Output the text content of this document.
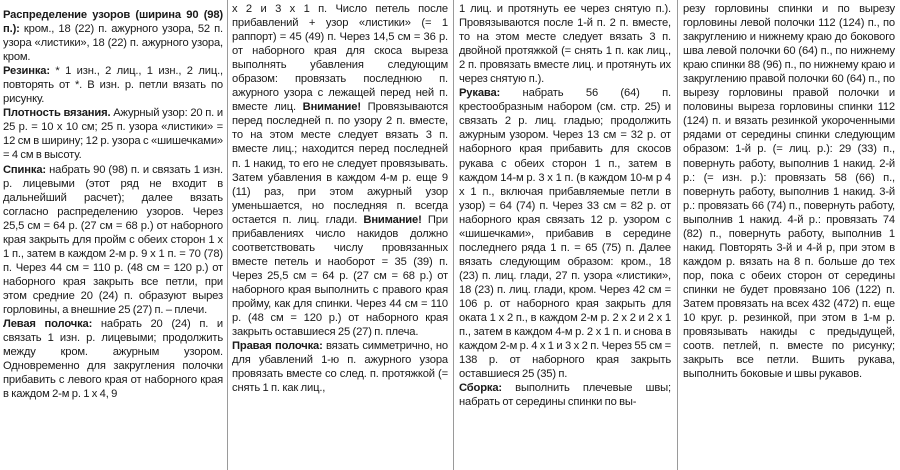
Распределение узоров (ширина 90 (98) п.): кром., 18 (22) п. ажурного узора, 52 п. узора «листики», 18 (22) п. ажурного узора, кром.

Резинка: * 1 изн., 2 лиц., 1 изн., 2 лиц., повторять от *. В изн. р. петли вязать по рисунку.

Плотность вязания. Ажурный узор: 20 п. и 25 р. = 10 х 10 см; 25 п. узора «листики» = 12 см в ширину; 12 р. узора с «шишечками» = 4 см в высоту.

Спинка: набрать 90 (98) п. и связать 1 изн. р. лицевыми (этот ряд не входит в дальнейший расчет); далее вязать согласно распределению узоров. Через 25,5 см = 64 р. (27 см = 68 р.) от наборного края закрыть для пройм с обеих сторон 1 х 1 п., затем в каждом 2-м р. 9 х 1 п. = 70 (78) п. Через 44 см = 110 р. (48 см = 120 р.) от наборного края закрыть все петли, при этом средние 20 (24) п. образуют вырез горловины, а внешние 25 (27) п. – плечи.

Левая полочка: набрать 20 (24) п. и связать 1 изн. р. лицевыми; продолжить между кром. ажурным узором. Одновременно для закругления полочки прибавить с левого края от наборного края в каждом 2-м р. 1 х 4, 9

х 2 и 3 х 1 п. Число петель после прибавлений + узор «листики» (= 1 раппорт) = 45 (49) п. Через 14,5 см = 36 р. от наборного края для скоса выреза выполнять убавления следующим образом: провязать последнюю п. ажурного узора с лежащей перед ней п. вместе лиц. Внимание! Провязываются перед последней п. по узору 2 п. вместе, то на этом месте следует вязать 3 п. вместе лиц.; находится перед последней п. 1 накид, то его не следует провязывать. Затем убавления в каждом 4-м р. еще 9 (11) раз, при этом ажурный узор уменьшается, но последняя п. всегда остается п. лиц. глади. Внимание! При прибавлениях число накидов должно соответствовать числу провязанных вместе петель и наоборот = 35 (39) п. Через 25,5 см = 64 р. (27 см = 68 р.) от наборного края выполнить с правого края пройму, как для спинки. Через 44 см = 110 р. (48 см = 120 р.) от наборного края закрыть оставшиеся 25 (27) п. плеча.

Правая полочка: вязать симметрично, но для убавлений 1-ю п. ажурного узора провязать вместе со след. п. протяжкой (= снять 1 п. как лиц.,

1 лиц. и протянуть ее через снятую п.). Провязываются после 1-й п. 2 п. вместе, то на этом месте следует вязать 3 п. двойной протяжкой (= снять 1 п. как лиц., 2 п. провязать вместе лиц. и протянуть их через снятую п.).

Рукава: набрать 56 (64) п. крестообразным набором (см. стр. 25) и связать 2 р. лиц. гладью; продолжить ажурным узором. Через 13 см = 32 р. от наборного края прибавить для скосов рукава с обеих сторон 1 п., затем в каждом 14-м р. 3 х 1 п. (в каждом 10-м р 4 х 1 п., включая прибавляемые петли в узор) = 64 (74) п. Через 33 см = 82 р. от наборного края связать 12 р. узором с «шишечками», прибавив в середине последнего ряда 1 п. = 65 (75) п. Далее вязать следующим образом: кром., 18 (23) п. лиц. глади, 27 п. узора «листики», 18 (23) п. лиц. глади, кром. Через 42 см = 106 р. от наборного края закрыть для оката 1 х 2 п., в каждом 2-м р. 2 х 2 и 2 х 1 п., затем в каждом 4-м р. 2 х 1 п. и снова в каждом 2-м р. 4 х 1 и 3 х 2 п. Через 55 см = 138 р. от наборного края закрыть оставшиеся 25 (35) п.

Сборка: выполнить плечевые швы; набрать от середины спинки по вы-

резу горловины спинки и по вырезу горловины левой полочки 112 (124) п., по закруглению и нижнему краю до бокового шва левой полочки 60 (64) п., по нижнему краю спинки 88 (96) п., по нижнему краю и закруглению правой полочки 60 (64) п., по вырезу горловины правой полочки и половины выреза горловины спинки 112 (124) п. и вязать резинкой укороченными рядами от середины спинки следующим образом: 1-й р. (= лиц. р.): 29 (33) п., повернуть работу, выполнив 1 накид. 2-й р.: (= изн. р.): провязать 58 (66) п., повернуть работу, выполнив 1 накид. 3-й р.: провязать 66 (74) п., повернуть работу, выполнив 1 накид. 4-й р.: провязать 74 (82) п., повернуть работу, выполнив 1 накид. Повторять 3-й и 4-й р, при этом в каждом р. вязать на 8 п. больше до тех пор, пока с обеих сторон от середины спинки не будет провязано 106 (122) п. Затем провязать на всех 432 (472) п. еще 10 круг. р. резинкой, при этом в 1-м р. провязывать накиды с предыдущей, соотв. петлей, п. вместе по рисунку; закрыть все петли. Вшить рукава, выполнить боковые и швы рукавов.
